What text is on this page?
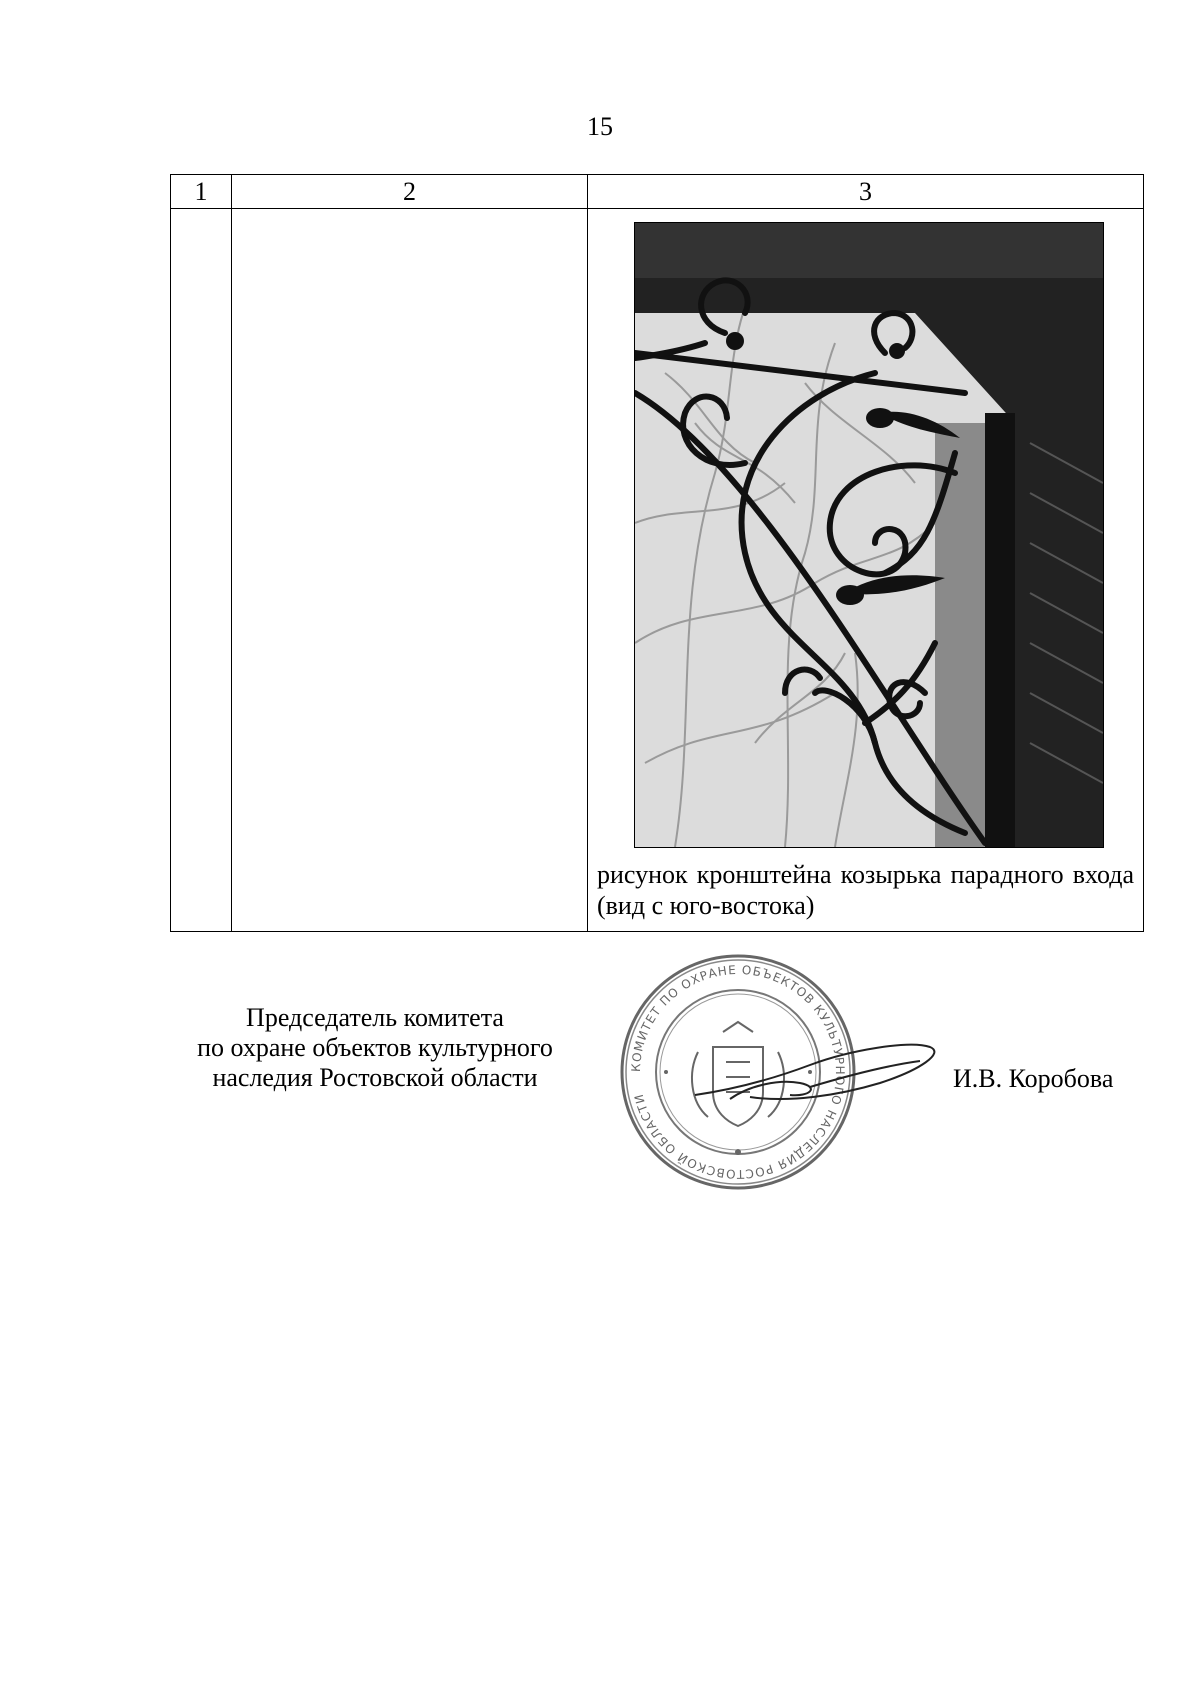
15
1	2	3

		рисунок кронштейна козырька парадного входа (вид с юго-востока)
Председатель комитета
по охране объектов культурного
наследия Ростовской области	КОМИТЕТ ПО ОХРАНЕ ОБЪЕКТОВ КУЛЬТУРНОГО НАСЛЕДИЯ РОСТОВСКОЙ ОБЛАСТИ
И.В. Коробова
